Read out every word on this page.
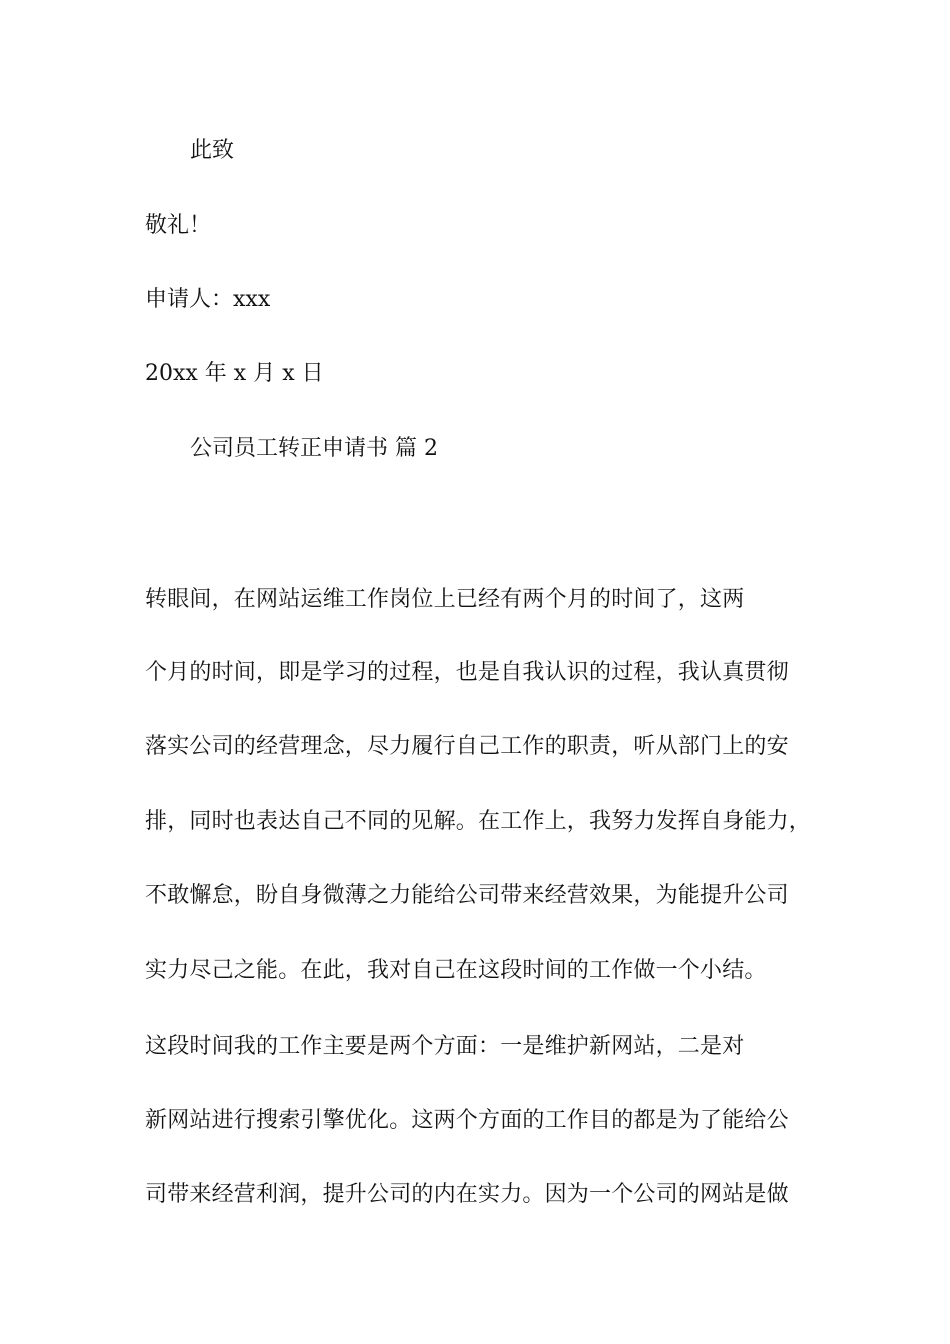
此致

敬礼！

申请人：xxx

20xx 年 x 月 x 日

公司员工转正申请书 篇 2

转眼间，在网站运维工作岗位上已经有两个月的时间了，这两

个月的时间，即是学习的过程，也是自我认识的过程，我认真贯彻

落实公司的经营理念，尽力履行自己工作的职责，听从部门上的安

排，同时也表达自己不同的见解。在工作上，我努力发挥自身能力，

不敢懈怠，盼自身微薄之力能给公司带来经营效果，为能提升公司

实力尽己之能。在此，我对自己在这段时间的工作做一个小结。

这段时间我的工作主要是两个方面：一是维护新网站，二是对

新网站进行搜索引擎优化。这两个方面的工作目的都是为了能给公

司带来经营利润，提升公司的内在实力。因为一个公司的网站是做
